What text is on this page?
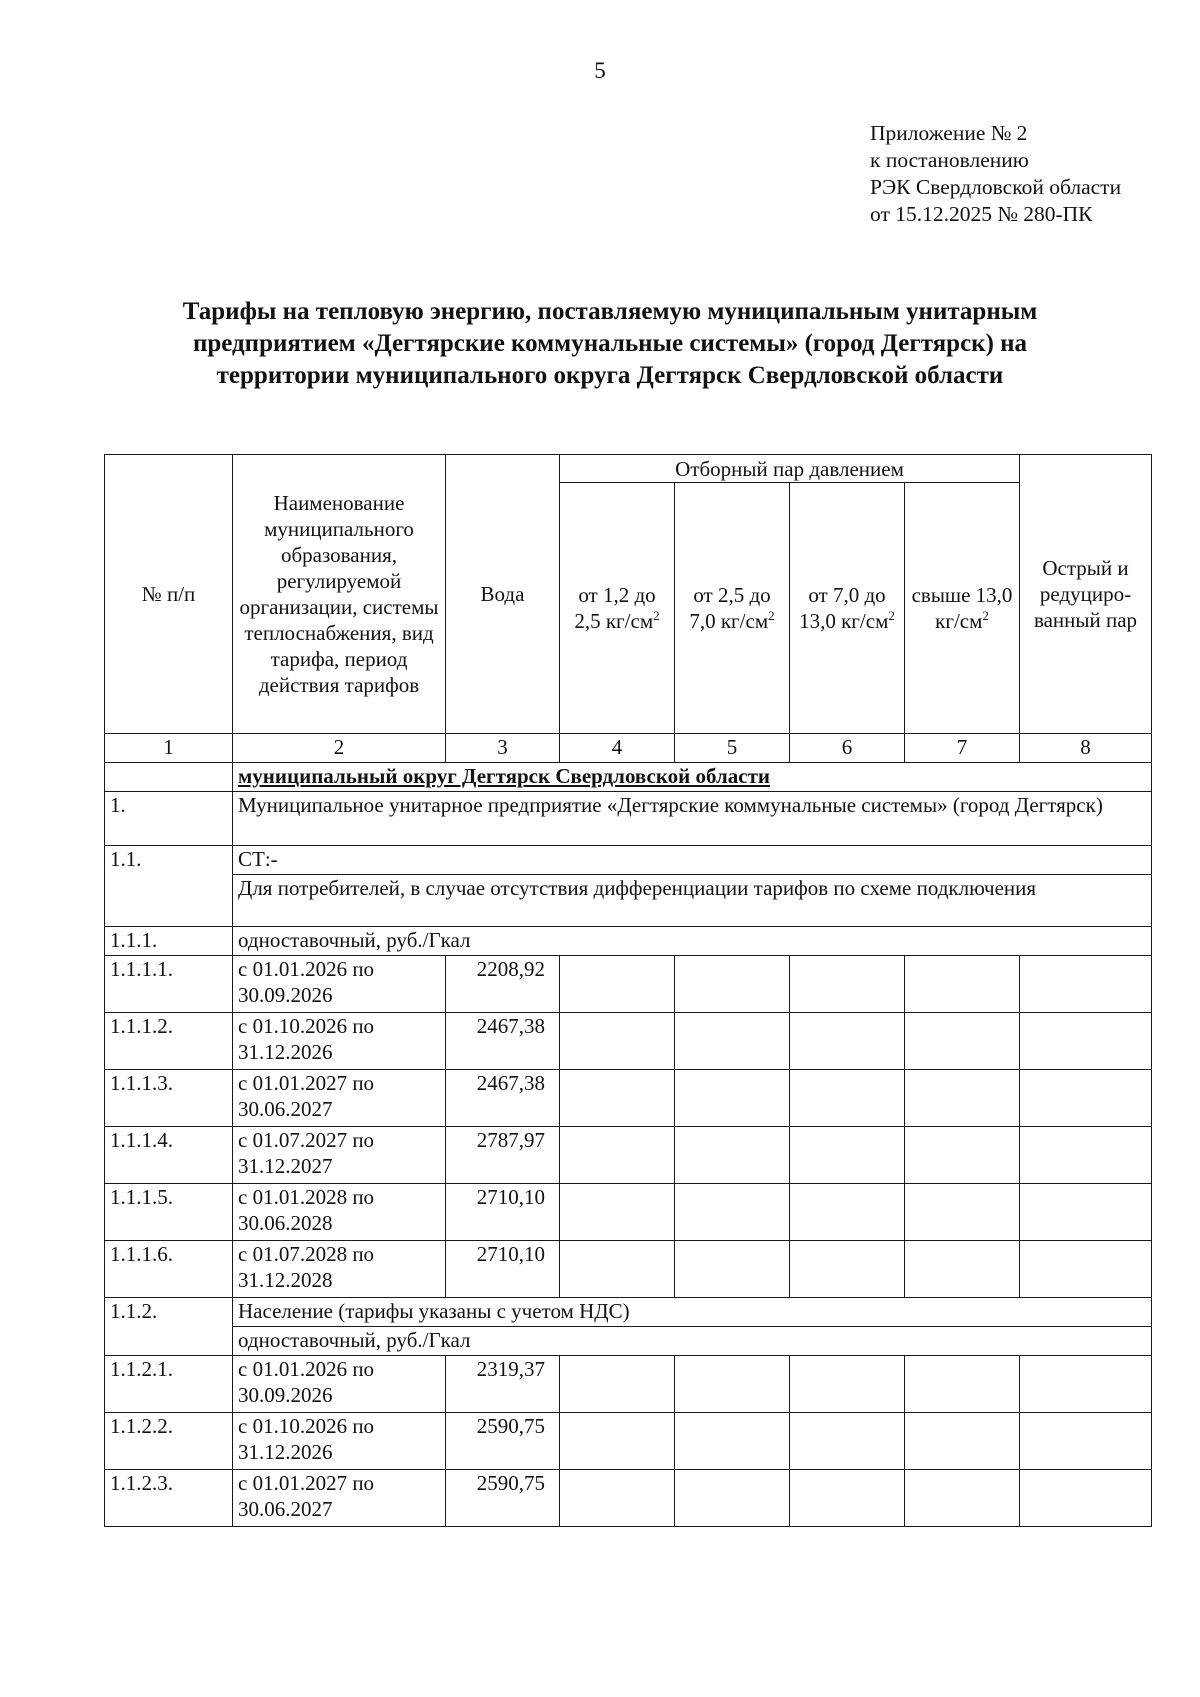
5
Приложение № 2
к постановлению
РЭК Свердловской области
от 15.12.2025 № 280-ПК
Тарифы на тепловую энергию, поставляемую муниципальным унитарным
предприятием «Дегтярские коммунальные системы» (город Дегтярск) на
территории муниципального округа Дегтярск Свердловской области
№ п/п	Наименование муниципального образования, регулируемой организации, системы теплоснабжения, вид тарифа, период действия тарифов	Вода	Отборный пар давлением				Острый и редуциро-ванный пар
			от 1,2 до 2,5 $кг/см^2$	от 2,5 до 7,0 $кг/см^2$	от 7,0 до 13,0 $кг/см^2$	свыше 13,0 $кг/см^2$
1	2	3	4	5	6	7	8
	муниципальный округ Дегтярск Свердловской области						
1.	Муниципальное унитарное предприятие «Дегтярские коммунальные системы» (город Дегтярск)						
1.1.	СТ:-						
	Для потребителей, в случае отсутствия дифференциации тарифов по схеме подключения						
1.1.1.	одноставочный, руб./Гкал						
1.1.1.1.	с 01.01.2026 по 30.09.2026	2208,92					
1.1.1.2.	с 01.10.2026 по 31.12.2026	2467,38					
1.1.1.3.	с 01.01.2027 по 30.06.2027	2467,38					
1.1.1.4.	с 01.07.2027 по 31.12.2027	2787,97					
1.1.1.5.	с 01.01.2028 по 30.06.2028	2710,10					
1.1.1.6.	с 01.07.2028 по 31.12.2028	2710,10					
1.1.2.	Население (тарифы указаны с учетом НДС)						
	одноставочный, руб./Гкал						
1.1.2.1.	с 01.01.2026 по 30.09.2026	2319,37					
1.1.2.2.	с 01.10.2026 по 31.12.2026	2590,75					
1.1.2.3.	с 01.01.2027 по 30.06.2027	2590,75					
